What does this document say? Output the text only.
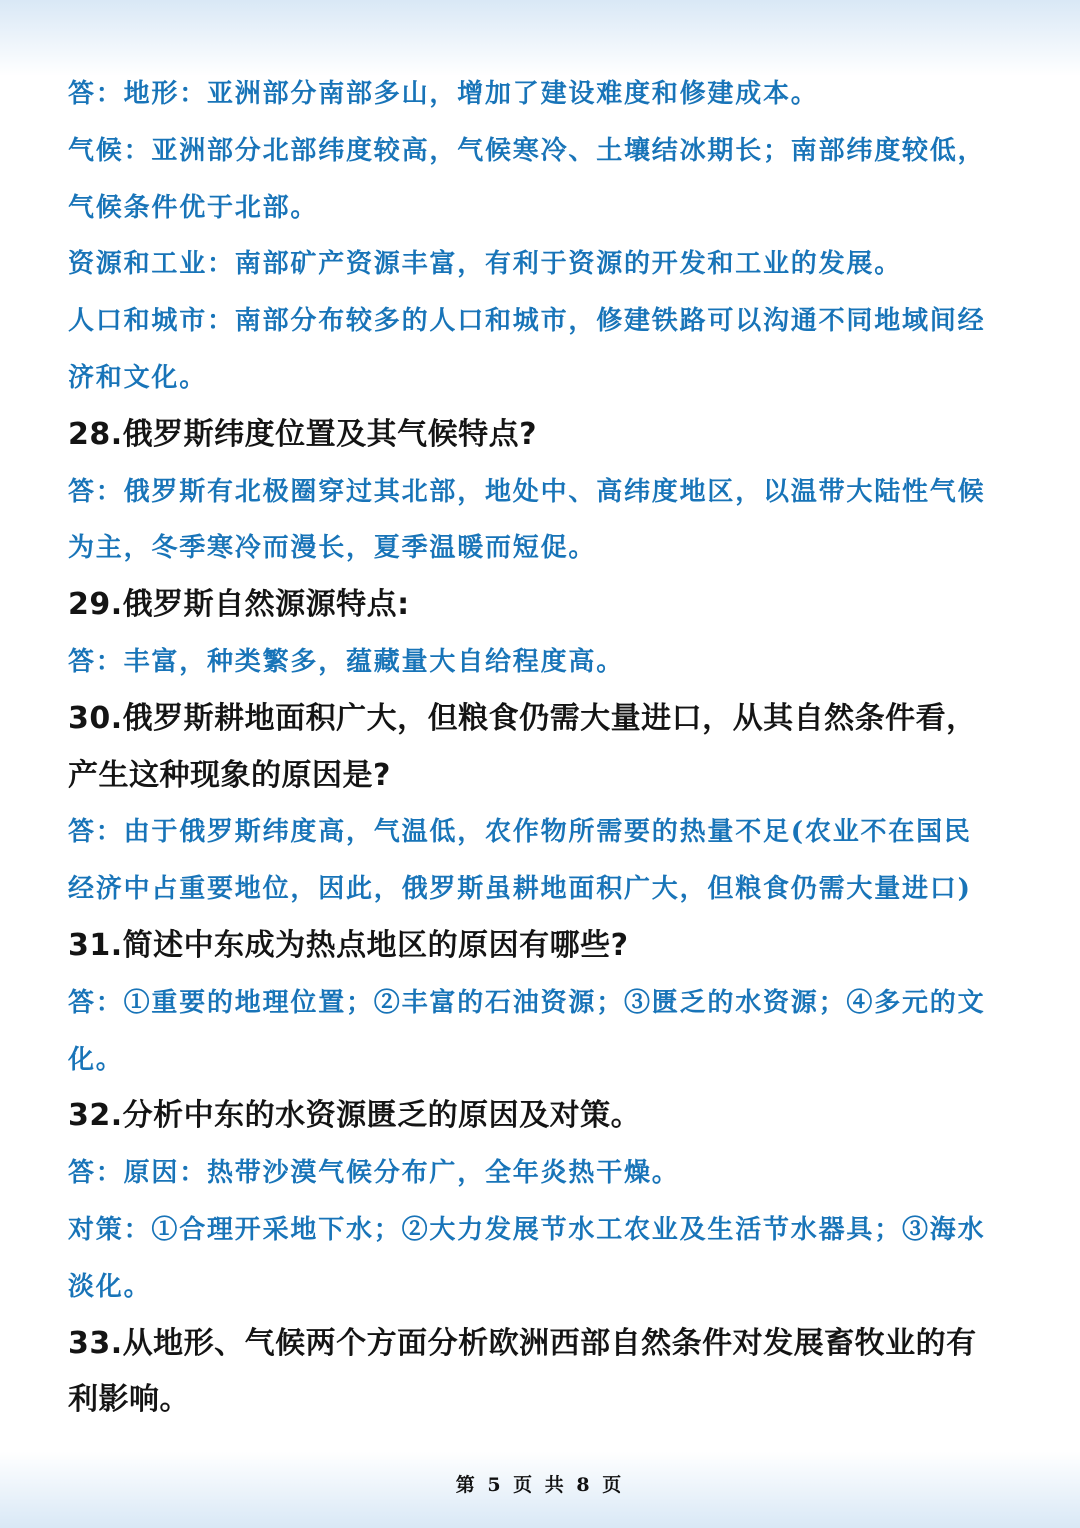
答：地形：亚洲部分南部多山，增加了建设难度和修建成本。

气候：亚洲部分北部纬度较高，气候寒冷、土壤结冰期长；南部纬度较低，

气候条件优于北部。

资源和工业：南部矿产资源丰富，有利于资源的开发和工业的发展。

人口和城市：南部分布较多的人口和城市，修建铁路可以沟通不同地域间经

济和文化。

28.俄罗斯纬度位置及其气候特点?

答：俄罗斯有北极圈穿过其北部，地处中、高纬度地区，以温带大陆性气候

为主，冬季寒冷而漫长，夏季温暖而短促。

29.俄罗斯自然源源特点:

答：丰富，种类繁多，蕴藏量大自给程度高。

30.俄罗斯耕地面积广大，但粮食仍需大量进口，从其自然条件看，

产生这种现象的原因是?

答：由于俄罗斯纬度高，气温低，农作物所需要的热量不足(农业不在国民

经济中占重要地位，因此，俄罗斯虽耕地面积广大，但粮食仍需大量进口)

31.简述中东成为热点地区的原因有哪些?

答：①重要的地理位置；②丰富的石油资源；③匮乏的水资源；④多元的文

化。

32.分析中东的水资源匮乏的原因及对策。

答：原因：热带沙漠气候分布广，全年炎热干燥。

对策：①合理开采地下水；②大力发展节水工农业及生活节水器具；③海水

淡化。

33.从地形、气候两个方面分析欧洲西部自然条件对发展畜牧业的有

利影响。

第 5 页 共 8 页
